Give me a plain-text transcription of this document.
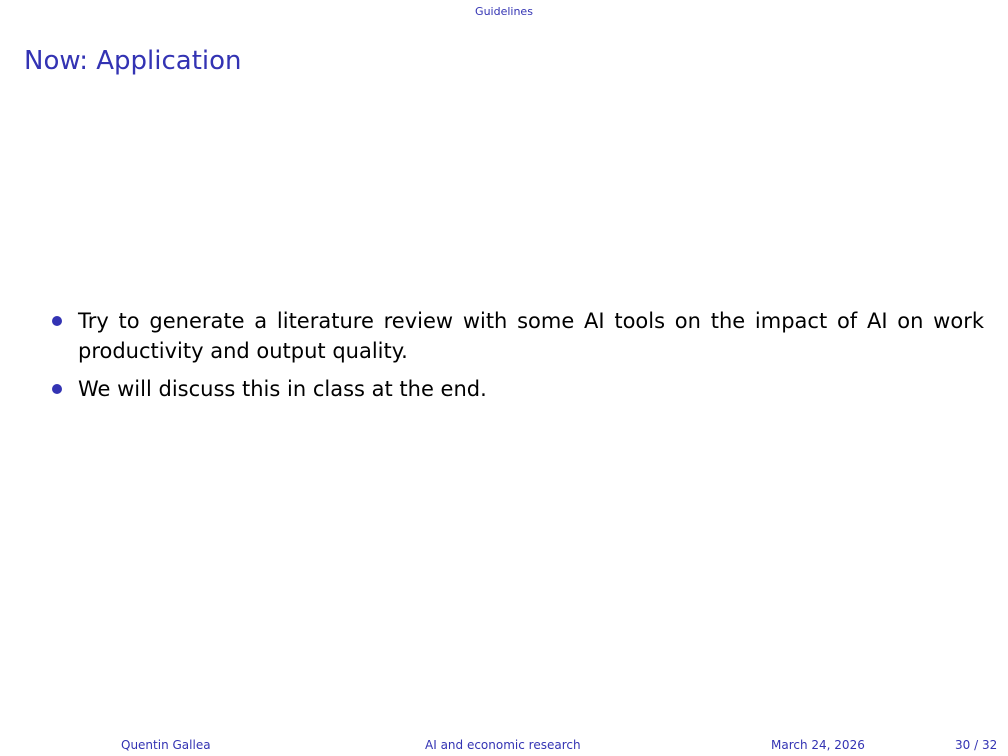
Guidelines
Now: Application
Try to generate a literature review with some AI tools on the impact of AI on work productivity and output quality.
We will discuss this in class at the end.
Quentin Gallea	AI and economic research	March 24, 2026	30 / 32
